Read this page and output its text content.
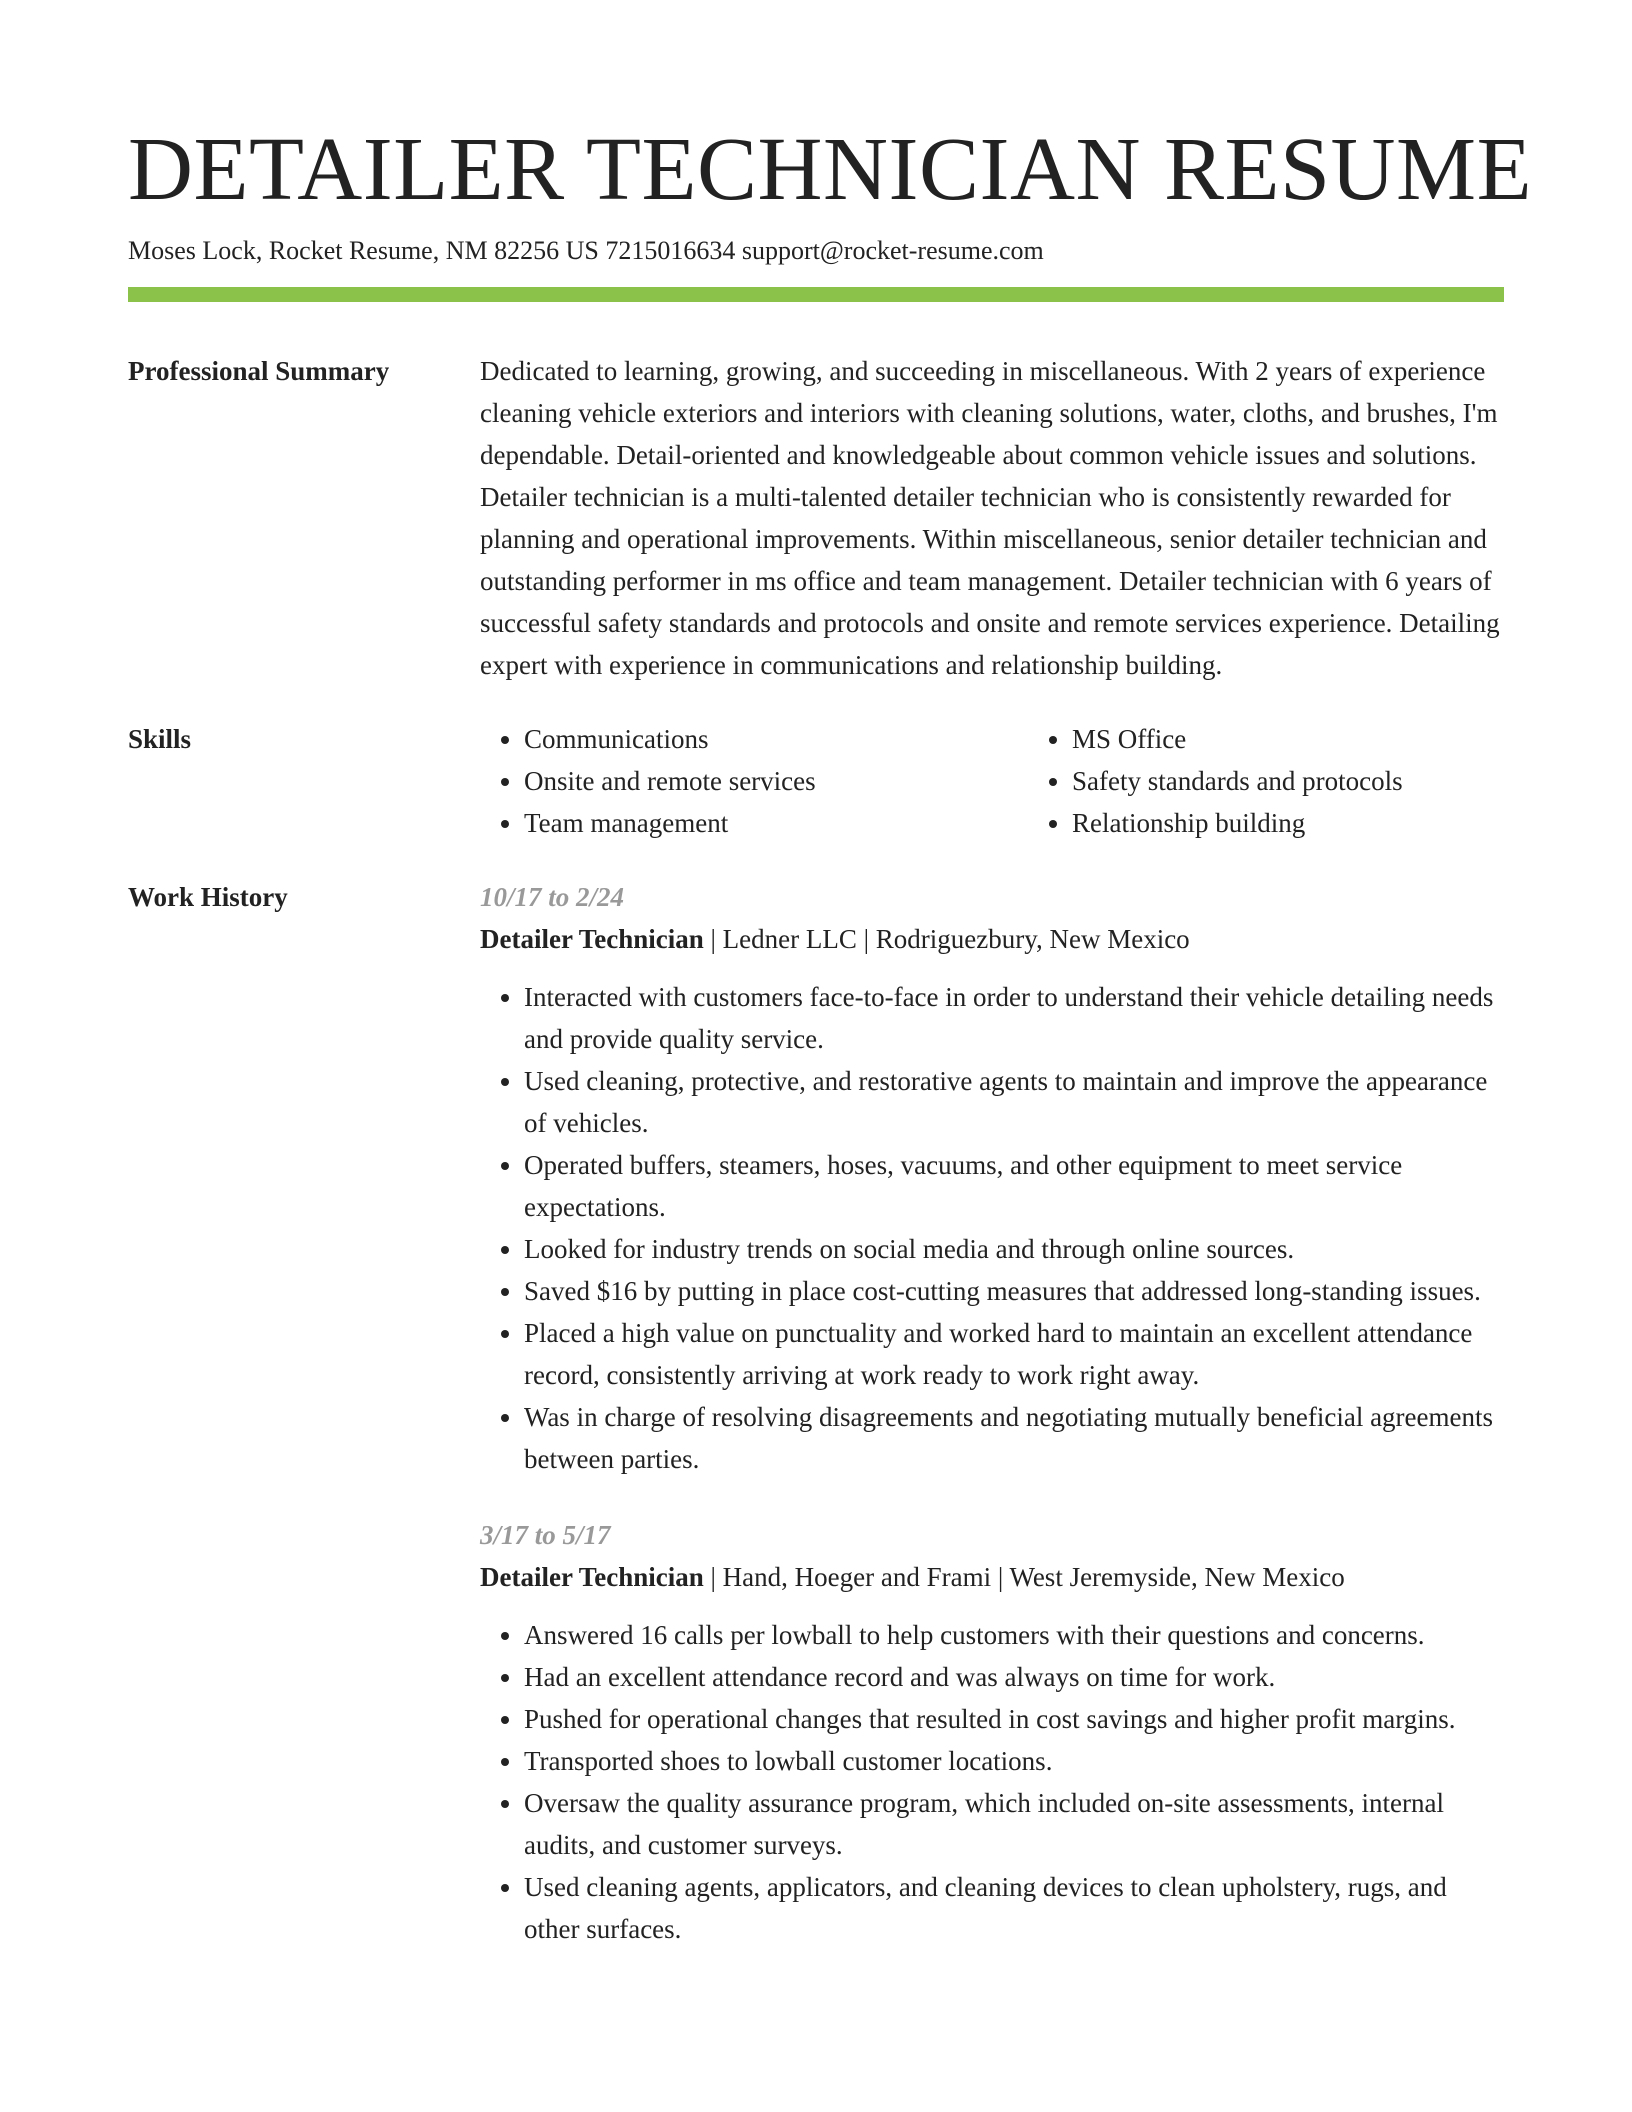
DETAILER TECHNICIAN RESUME
Moses Lock, Rocket Resume, NM 82256 US 7215016634 support@rocket-resume.com
Professional Summary	Dedicated to learning, growing, and succeeding in miscellaneous. With 2 years of experience cleaning vehicle exteriors and interiors with cleaning solutions, water, cloths, and brushes, I'm dependable. Detail-oriented and knowledgeable about common vehicle issues and solutions. Detailer technician is a multi-talented detailer technician who is consistently rewarded for planning and operational improvements. Within miscellaneous, senior detailer technician and outstanding performer in ms office and team management. Detailer technician with 6 years of successful safety standards and protocols and onsite and remote services experience. Detailing expert with experience in communications and relationship building.

Skills
•	Communications
• Onsite and remote services
• Team management
• MS Office
• Safety standards and protocols
• Relationship building
Work History	10/17 to 2/24
Detailer Technician | Ledner LLC | Rodriguezbury, New Mexico
• Interacted with customers face-to-face in order to understand their vehicle detailing needs and provide quality service.
• Used cleaning, protective, and restorative agents to maintain and improve the appearance of vehicles.
• Operated buffers, steamers, hoses, vacuums, and other equipment to meet service expectations.
• Looked for industry trends on social media and through online sources.
• Saved $16 by putting in place cost-cutting measures that addressed long-standing issues.
• Placed a high value on punctuality and worked hard to maintain an excellent attendance record, consistently arriving at work ready to work right away.
• Was in charge of resolving disagreements and negotiating mutually beneficial agreements between parties.
3/17 to 5/17
Detailer Technician | Hand, Hoeger and Frami | West Jeremyside, New Mexico
• Answered 16 calls per lowball to help customers with their questions and concerns.
• Had an excellent attendance record and was always on time for work.
• Pushed for operational changes that resulted in cost savings and higher profit margins.
• Transported shoes to lowball customer locations.
• Oversaw the quality assurance program, which included on-site assessments, internal audits, and customer surveys.
• Used cleaning agents, applicators, and cleaning devices to clean upholstery, rugs, and other surfaces.
